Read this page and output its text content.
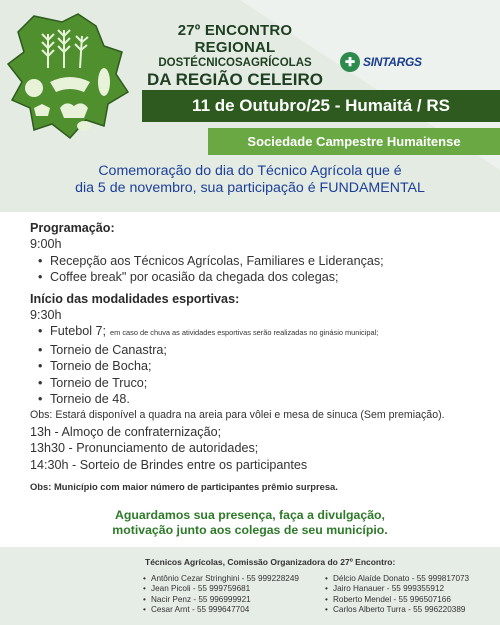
27º ENCONTRO REGIONAL
DOSTÉCNICOSAGRÍCOLAS
DA REGIÃO CELEIRO
✚ SINTARGS
11 de Outubro/25 - Humaitá / RS
Sociedade Campestre Humaitense
Comemoração do dia do Técnico Agrícola que é
dia 5 de novembro, sua participação é FUNDAMENTAL
Programação:
9:00h
• Recepção aos Técnicos Agrícolas, Familiares e Lideranças;
• Coffee break" por ocasião da chegada dos colegas;
Início das modalidades esportivas:
9:30h
• Futebol 7; em caso de chuva as atividades esportivas serão realizadas no ginásio municipal;
• Torneio de Canastra;
• Torneio de Bocha;
• Torneio de Truco;
• Torneio de 48.
Obs: Estará disponível a quadra na areia para vôlei e mesa de sinuca (Sem premiação).
13h - Almoço de confraternização;
13h30 - Pronunciamento de autoridades;
14:30h - Sorteio de Brindes entre os participantes
Obs: Município com maior número de participantes prêmio surpresa.
Aguardamos sua presença, faça a divulgação,
motivação junto aos colegas de seu município.
Técnicos Agrícolas, Comissão Organizadora do 27º Encontro:
• Antônio Cezar Stringhini - 55 999228249
• Jean Picoli - 55 999759681
• Nacir Penz - 55 996999921
• Cesar Arnt - 55 999647704
• Délcio Alaíde Donato - 55 999817073
• Jairo Hanauer - 55 999355912
• Roberto Mendel - 55 996507166
• Carlos Alberto Turra - 55 996220389
